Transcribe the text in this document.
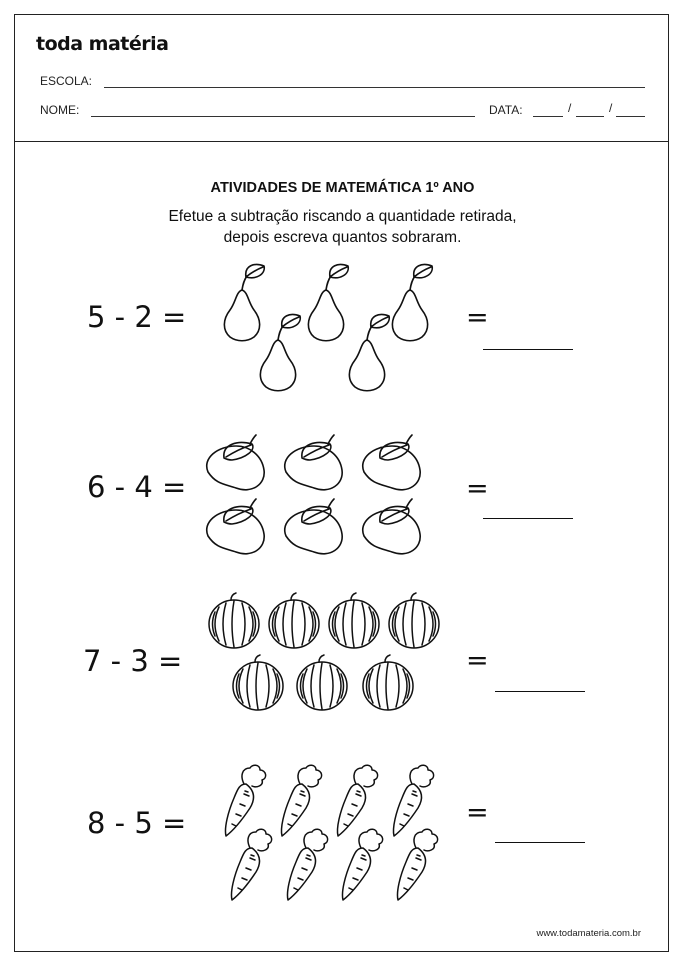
toda matéria
ESCOLA:
NOME:	DATA:	/	/
ATIVIDADES DE MATEMÁTICA 1º ANO
Efetue a subtração riscando a quantidade retirada,
depois escreva quantos sobraram.
5 - 2 =
6 - 4 =
7 - 3 =
8 - 5 =
=
=
=
=
www.todamateria.com.br
